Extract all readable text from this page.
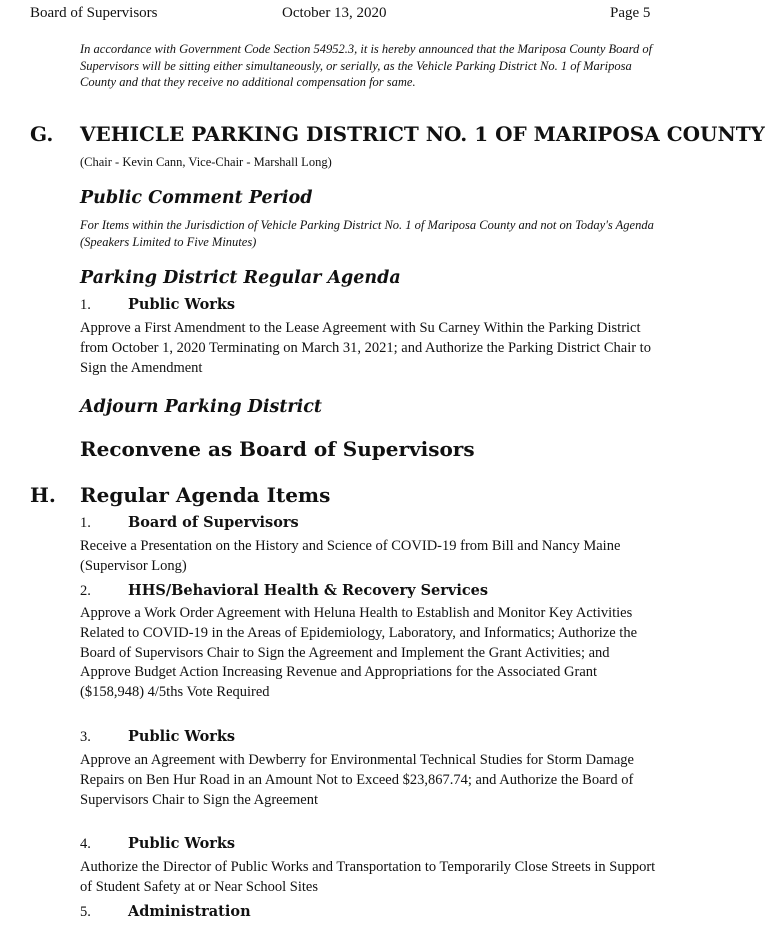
Board of Supervisors	October 13, 2020	Page 5
In accordance with Government Code Section 54952.3, it is hereby announced that the Mariposa County Board of Supervisors will be sitting either simultaneously, or serially, as the Vehicle Parking District No. 1 of Mariposa County and that they receive no additional compensation for same.
G. VEHICLE PARKING DISTRICT NO. 1 OF MARIPOSA COUNTY
(Chair - Kevin Cann, Vice-Chair - Marshall Long)
Public Comment Period
For Items within the Jurisdiction of Vehicle Parking District No. 1 of Mariposa County and not on Today's Agenda (Speakers Limited to Five Minutes)
Parking District Regular Agenda
1.	Public Works
Approve a First Amendment to the Lease Agreement with Su Carney Within the Parking District from October 1, 2020 Terminating on March 31, 2021; and Authorize the Parking District Chair to Sign the Amendment
Adjourn Parking District
Reconvene as Board of Supervisors
H. Regular Agenda Items
1.	Board of Supervisors
Receive a Presentation on the History and Science of COVID-19 from Bill and Nancy Maine (Supervisor Long)
2.	HHS/Behavioral Health & Recovery Services
Approve a Work Order Agreement with Heluna Health to Establish and Monitor Key Activities Related to COVID-19 in the Areas of Epidemiology, Laboratory, and Informatics; Authorize the Board of Supervisors Chair to Sign the Agreement and Implement the Grant Activities; and Approve Budget Action Increasing Revenue and Appropriations for the Associated Grant ($158,948) 4/5ths Vote Required
3.	Public Works
Approve an Agreement with Dewberry for Environmental Technical Studies for Storm Damage Repairs on Ben Hur Road in an Amount Not to Exceed $23,867.74; and Authorize the Board of Supervisors Chair to Sign the Agreement
4.	Public Works
Authorize the Director of Public Works and Transportation to Temporarily Close Streets in Support of Student Safety at or Near School Sites
5.	Administration
